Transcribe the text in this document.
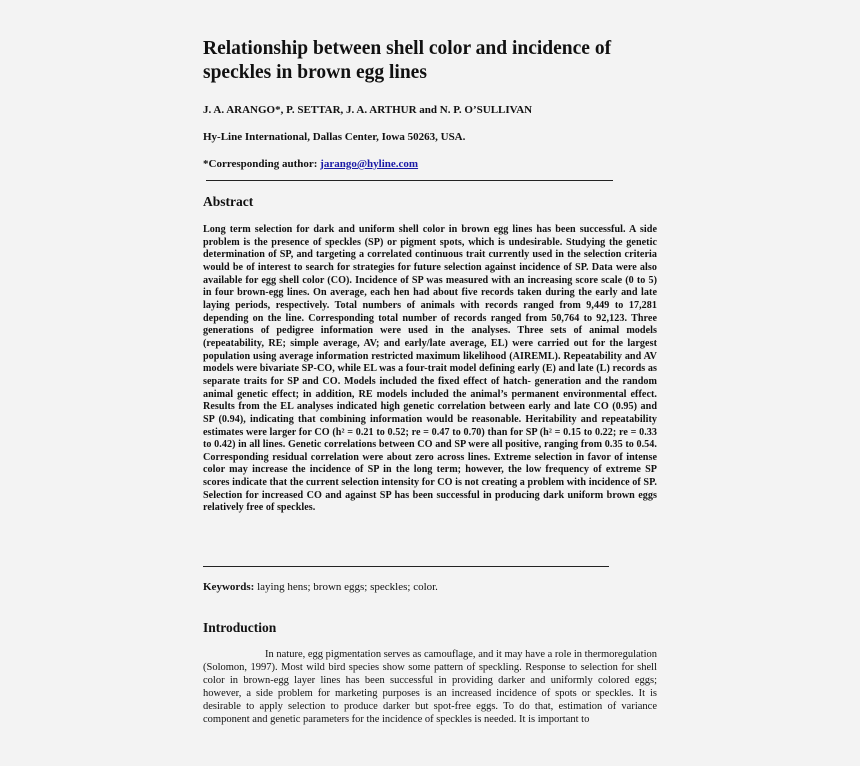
Relationship between shell color and incidence of speckles in brown egg lines
J. A. ARANGO*, P. SETTAR, J. A. ARTHUR and N. P. O’SULLIVAN
Hy-Line International, Dallas Center, Iowa 50263, USA.
*Corresponding author: jarango@hyline.com
Abstract

Long term selection for dark and uniform shell color in brown egg lines has been successful. A side problem is the presence of speckles (SP) or pigment spots, which is undesirable. Studying the genetic determination of SP, and targeting a correlated continuous trait currently used in the selection criteria would be of interest to search for strategies for future selection against incidence of SP. Data were also available for egg shell color (CO). Incidence of SP was measured with an increasing score scale (0 to 5) in four brown-egg lines. On average, each hen had about five records taken during the early and late laying periods, respectively. Total numbers of animals with records ranged from 9,449 to 17,281 depending on the line. Corresponding total number of records ranged from 50,764 to 92,123. Three generations of pedigree information were used in the analyses. Three sets of animal models (repeatability, RE; simple average, AV; and early/late average, EL) were carried out for the largest population using average information restricted maximum likelihood (AIREML). Repeatability and AV models were bivariate SP-CO, while EL was a four-trait model defining early (E) and late (L) records as separate traits for SP and CO. Models included the fixed effect of hatch- generation and the random animal genetic effect; in addition, RE models included the animal’s permanent environmental effect. Results from the EL analyses indicated high genetic correlation between early and late CO (0.95) and SP (0.94), indicating that combining information would be reasonable. Heritability and repeatability estimates were larger for CO (h² = 0.21 to 0.52; re = 0.47 to 0.70) than for SP (h² = 0.15 to 0.22; re = 0.33 to 0.42) in all lines. Genetic correlations between CO and SP were all positive, ranging from 0.35 to 0.54. Corresponding residual correlation were about zero across lines. Extreme selection in favor of intense color may increase the incidence of SP in the long term; however, the low frequency of extreme SP scores indicate that the current selection intensity for CO is not creating a problem with incidence of SP. Selection for increased CO and against SP has been successful in producing dark uniform brown eggs relatively free of speckles.

Keywords: laying hens; brown eggs; speckles; color.
Introduction

In nature, egg pigmentation serves as camouflage, and it may have a role in thermoregulation (Solomon, 1997). Most wild bird species show some pattern of speckling. Response to selection for shell color in brown-egg layer lines has been successful in providing darker and uniformly colored eggs; however, a side problem for marketing purposes is an increased incidence of spots or speckles. It is desirable to apply selection to produce darker but spot-free eggs. To do that, estimation of variance component and genetic parameters for the incidence of speckles is needed. It is important to
